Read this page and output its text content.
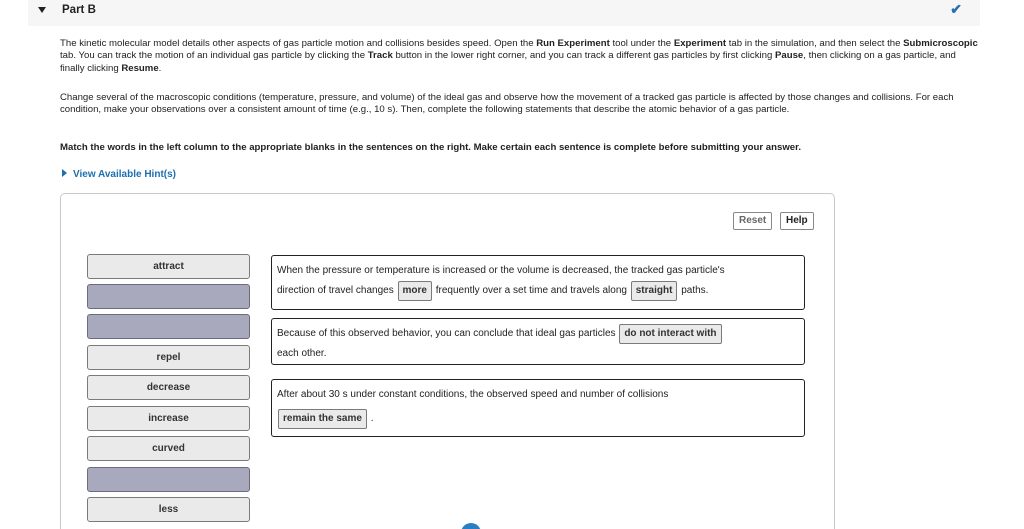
Part B	✔
The kinetic molecular model details other aspects of gas particle motion and collisions besides speed. Open the Run Experiment tool under the Experiment tab in the simulation, and then select the Submicroscopic tab. You can track the motion of an individual gas particle by clicking the Track button in the lower right corner, and you can track a different gas particles by first clicking Pause, then clicking on a gas particle, and finally clicking Resume.
Change several of the macroscopic conditions (temperature, pressure, and volume) of the ideal gas and observe how the movement of a tracked gas particle is affected by those changes and collisions. For each condition, make your observations over a consistent amount of time (e.g., 10 s). Then, complete the following statements that describe the atomic behavior of a gas particle.
Match the words in the left column to the appropriate blanks in the sentences on the right. Make certain each sentence is complete before submitting your answer.
View Available Hint(s)
Reset	Help
attract
repel
decrease
increase
curved
less
When the pressure or temperature is increased or the volume is decreased, the tracked gas particle's
direction of travel changes more frequently over a set time and travels along straight paths.
Because of this observed behavior, you can conclude that ideal gas particles do not interact with
each other.
After about 30 s under constant conditions, the observed speed and number of collisions
remain the same .
